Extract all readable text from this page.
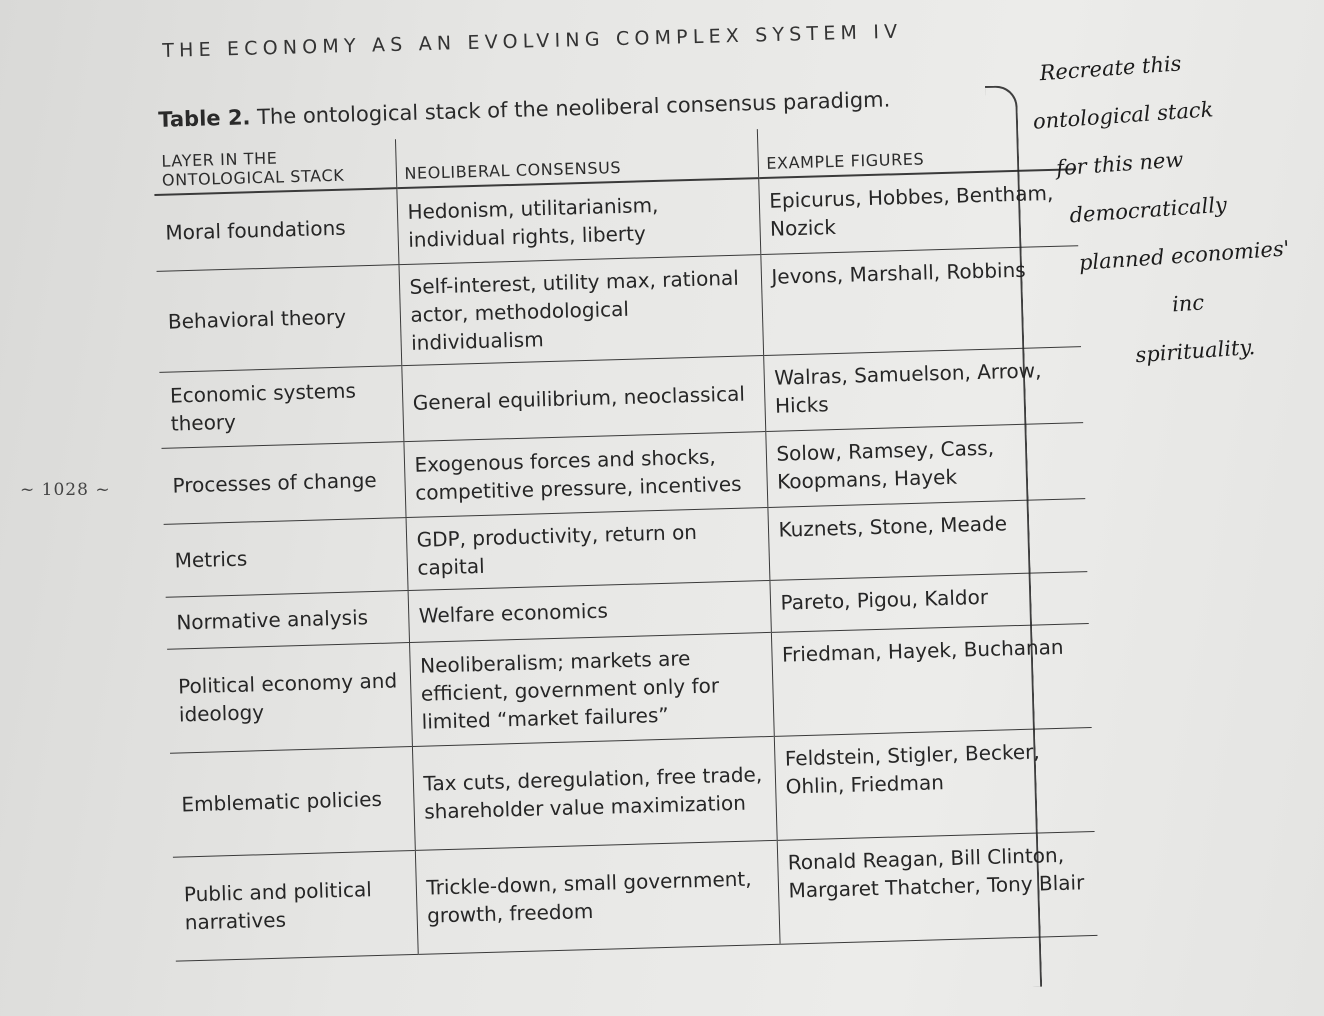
THE ECONOMY AS AN EVOLVING COMPLEX SYSTEM IV
~ 1028 ~
Table 2. The ontological stack of the neoliberal consensus paradigm.
LAYER IN THE ONTOLOGICAL STACK	NEOLIBERAL CONSENSUS	EXAMPLE FIGURES
Moral foundations	Hedonism, utilitarianism, individual rights, liberty	Epicurus, Hobbes, Bentham, Nozick
Behavioral theory	Self-interest, utility max, rational actor, methodological individualism	Jevons, Marshall, Robbins
Economic systems theory	General equilibrium, neoclassical	Walras, Samuelson, Arrow, Hicks
Processes of change	Exogenous forces and shocks, competitive pressure, incentives	Solow, Ramsey, Cass, Koopmans, Hayek
Metrics	GDP, productivity, return on capital	Kuznets, Stone, Meade
Normative analysis	Welfare economics	Pareto, Pigou, Kaldor
Political economy and ideology	Neoliberalism; markets are efficient, government only for limited “market failures”	Friedman, Hayek, Buchanan
Emblematic policies	Tax cuts, deregulation, free trade, shareholder value maximization	Feldstein, Stigler, Becker, Ohlin, Friedman
Public and political narratives	Trickle-down, small government, growth, freedom	Ronald Reagan, Bill Clinton, Margaret Thatcher, Tony Blair
Recreate this
ontological stack
for this new
democratically
planned economies'
inc
spirituality.
